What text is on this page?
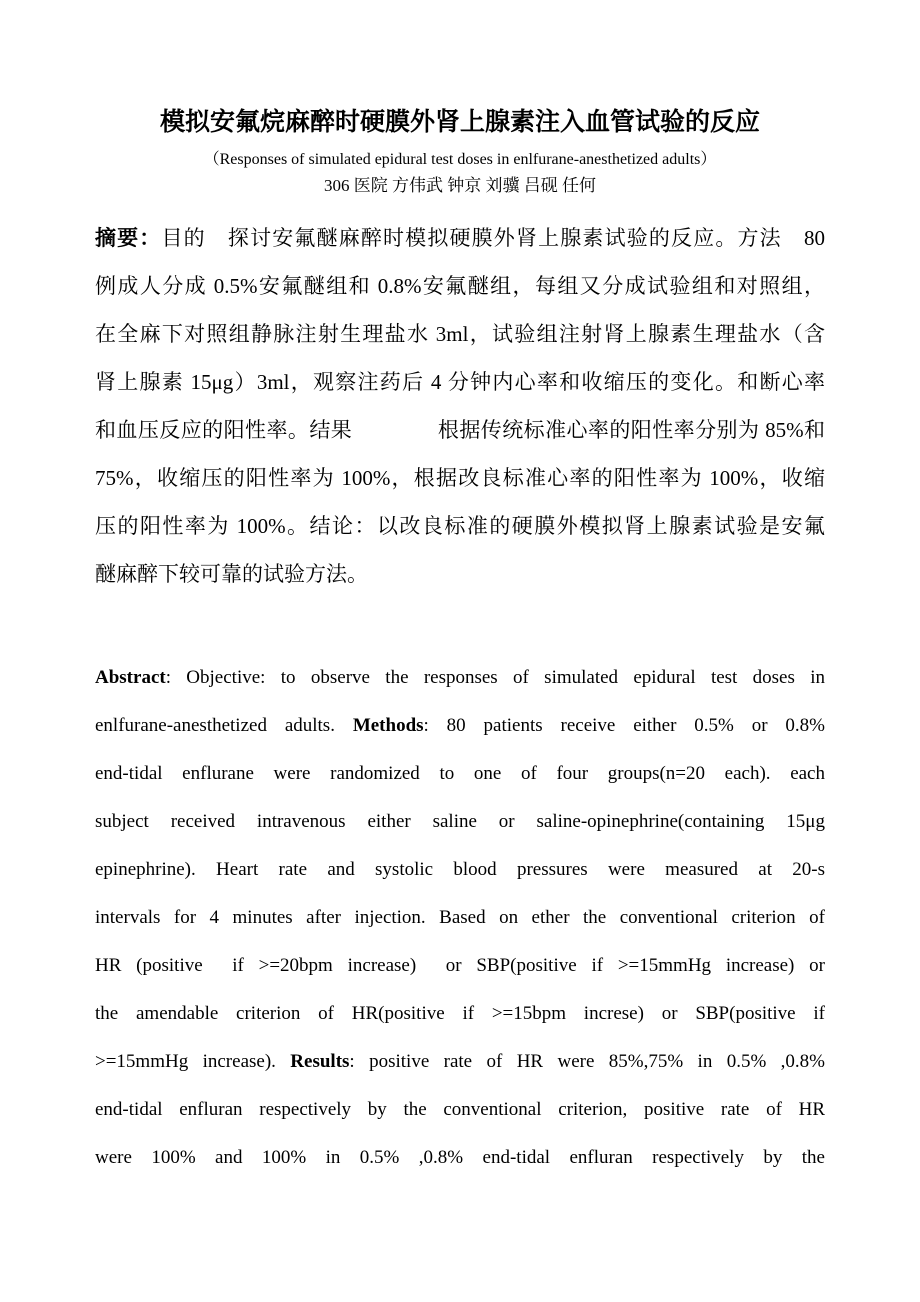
模拟安氟烷麻醉时硬膜外肾上腺素注入血管试验的反应
（Responses of simulated epidural test doses in enlfurane-anesthetized adults）
306 医院 方伟武 钟京 刘骥 吕砚 任何
摘要：目的　探讨安氟醚麻醉时模拟硬膜外肾上腺素试验的反应。方法　80
例成人分成 0.5%安氟醚组和 0.8%安氟醚组，每组又分成试验组和对照组，
在全麻下对照组静脉注射生理盐水 3ml，试验组注射肾上腺素生理盐水（含
肾上腺素 15μg）3ml，观察注药后 4 分钟内心率和收缩压的变化。和断心率
和血压反应的阳性率。结果　　　　根据传统标准心率的阳性率分别为 85%和
75%，收缩压的阳性率为 100%，根据改良标准心率的阳性率为 100%，收缩
压的阳性率为 100%。结论：以改良标准的硬膜外模拟肾上腺素试验是安氟
醚麻醉下较可靠的试验方法。
Abstract: Objective: to observe the responses of simulated epidural test doses in
enlfurane-anesthetized adults. Methods: 80 patients receive either 0.5% or 0.8%
end-tidal enflurane were randomized to one of four groups(n=20 each). each
subject received intravenous either saline or saline-opinephrine(containing 15μg
epinephrine). Heart rate and systolic blood pressures were measured at 20-s
intervals for 4 minutes after injection. Based on ether the conventional criterion of
HR (positive  if >=20bpm increase)  or SBP(positive if >=15mmHg increase) or
the amendable criterion of HR(positive if >=15bpm increse) or SBP(positive if
>=15mmHg increase). Results: positive rate of HR were 85%,75% in 0.5% ,0.8%
end-tidal enfluran respectively by the conventional criterion, positive rate of HR
were 100% and 100% in 0.5% ,0.8% end-tidal enfluran respectively by the
